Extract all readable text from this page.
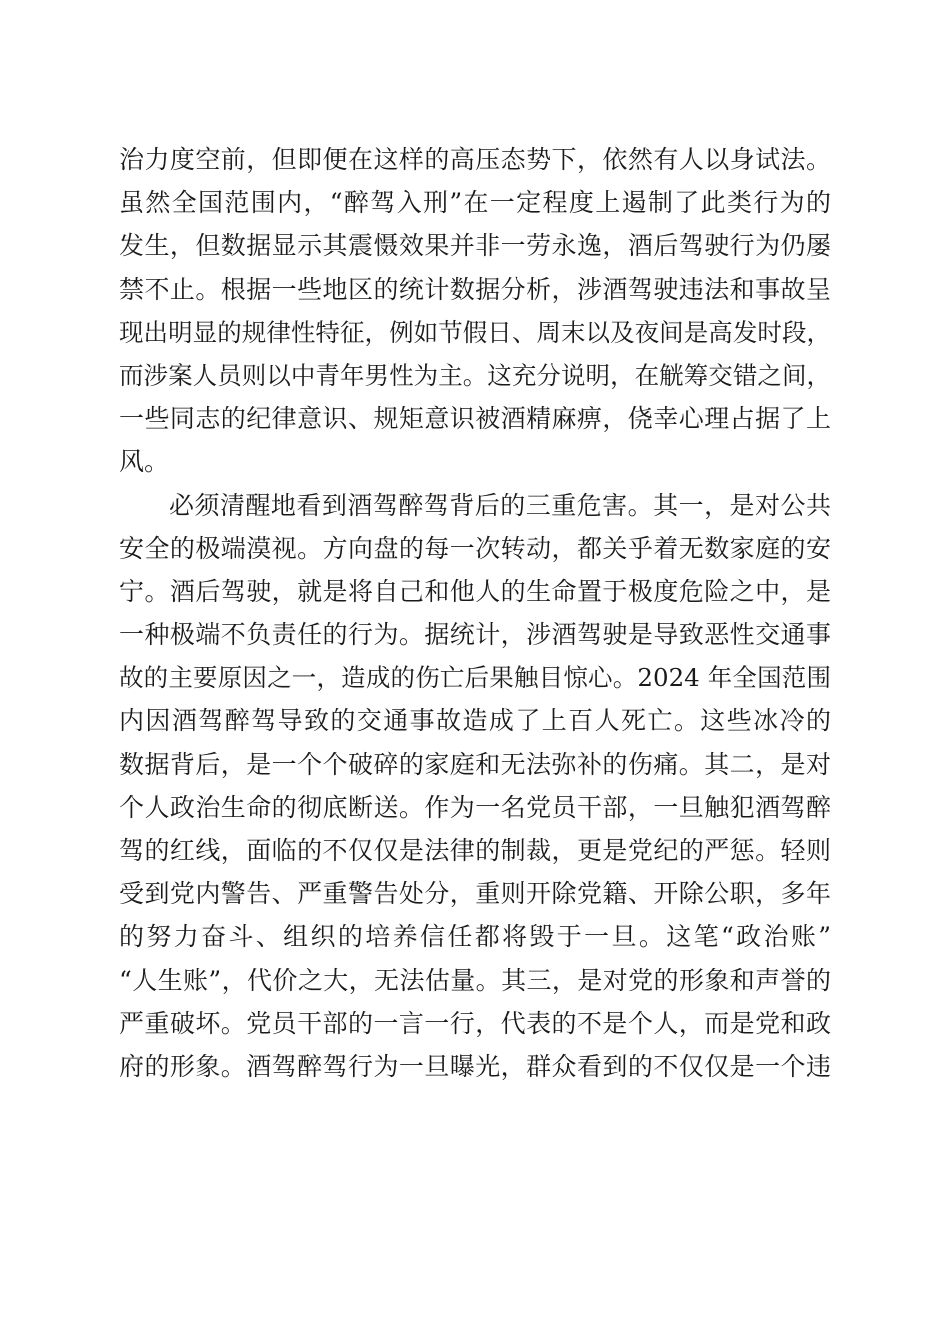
治力度空前，但即便在这样的高压态势下，依然有人以身试法。
虽然全国范围内，“醉驾入刑”在一定程度上遏制了此类行为的
发生，但数据显示其震慑效果并非一劳永逸，酒后驾驶行为仍屡
禁不止。根据一些地区的统计数据分析，涉酒驾驶违法和事故呈
现出明显的规律性特征，例如节假日、周末以及夜间是高发时段，
而涉案人员则以中青年男性为主。这充分说明，在觥筹交错之间，
一些同志的纪律意识、规矩意识被酒精麻痹，侥幸心理占据了上
风。
必须清醒地看到酒驾醉驾背后的三重危害。其一，是对公共
安全的极端漠视。方向盘的每一次转动，都关乎着无数家庭的安
宁。酒后驾驶，就是将自己和他人的生命置于极度危险之中，是
一种极端不负责任的行为。据统计，涉酒驾驶是导致恶性交通事
故的主要原因之一，造成的伤亡后果触目惊心。2024 年全国范围
内因酒驾醉驾导致的交通事故造成了上百人死亡。这些冰冷的
数据背后，是一个个破碎的家庭和无法弥补的伤痛。其二，是对
个人政治生命的彻底断送。作为一名党员干部，一旦触犯酒驾醉
驾的红线，面临的不仅仅是法律的制裁，更是党纪的严惩。轻则
受到党内警告、严重警告处分，重则开除党籍、开除公职，多年
的努力奋斗、组织的培养信任都将毁于一旦。这笔“政治账”
“人生账”，代价之大，无法估量。其三，是对党的形象和声誉的
严重破坏。党员干部的一言一行，代表的不是个人，而是党和政
府的形象。酒驾醉驾行为一旦曝光，群众看到的不仅仅是一个违
